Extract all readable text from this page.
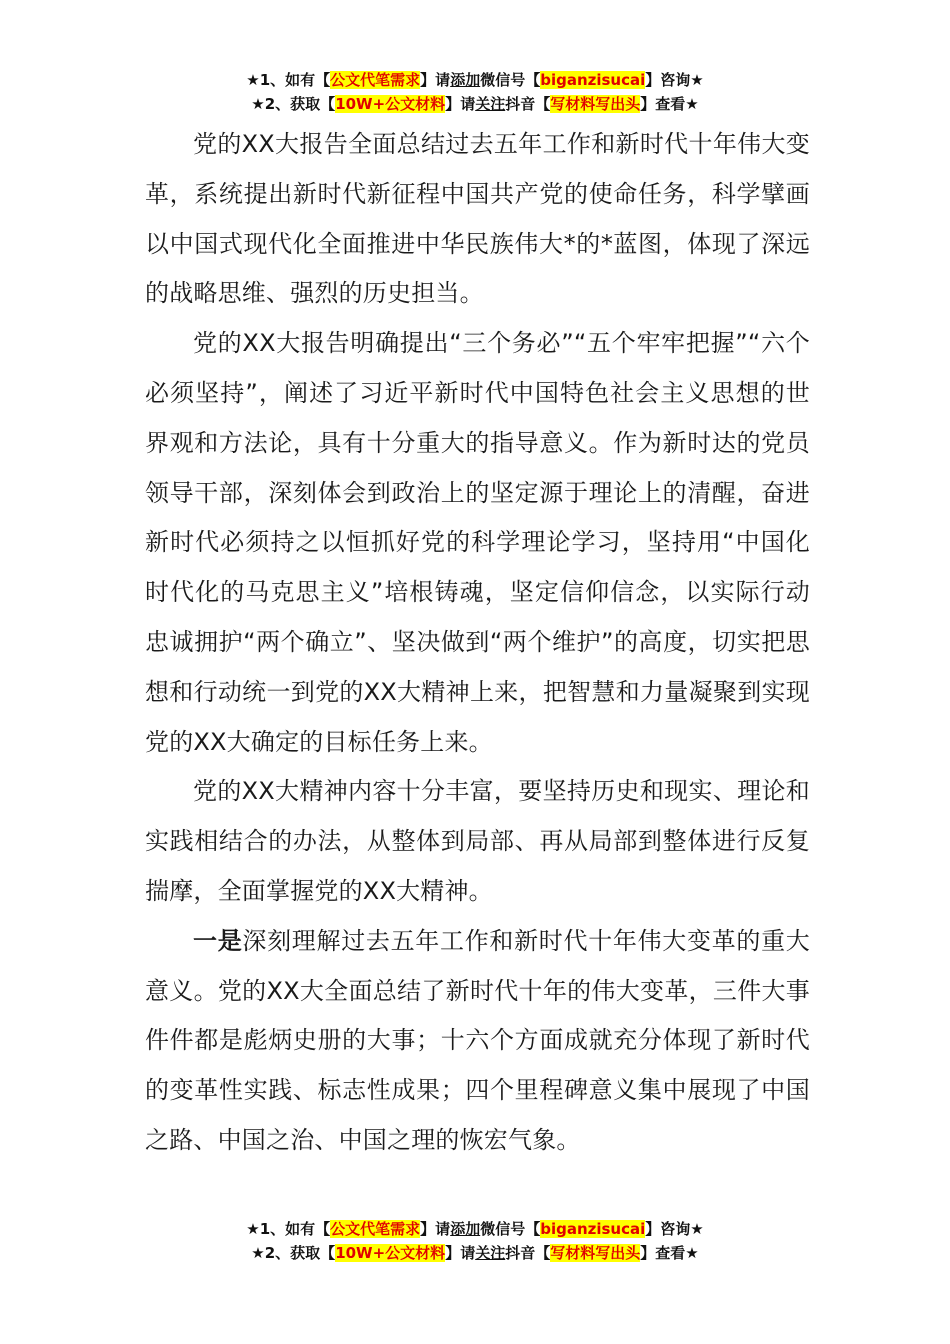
★1、如有【公文代笔需求】请添加微信号【biganzisucai】咨询★
★2、获取【10W+公文材料】请关注抖音【写材料写出头】查看★

党的XX大报告全面总结过去五年工作和新时代十年伟大变革，系统提出新时代新征程中国共产党的使命任务，科学擘画以中国式现代化全面推进中华民族伟大*的*蓝图，体现了深远的战略思维、强烈的历史担当。

党的XX大报告明确提出“三个务必”“五个牢牢把握”“六个必须坚持”，阐述了习近平新时代中国特色社会主义思想的世界观和方法论，具有十分重大的指导意义。作为新时达的党员领导干部，深刻体会到政治上的坚定源于理论上的清醒，奋进新时代必须持之以恒抓好党的科学理论学习，坚持用“中国化时代化的马克思主义”培根铸魂，坚定信仰信念，以实际行动忠诚拥护“两个确立”、坚决做到“两个维护”的高度，切实把思想和行动统一到党的XX大精神上来，把智慧和力量凝聚到实现党的XX大确定的目标任务上来。

党的XX大精神内容十分丰富，要坚持历史和现实、理论和实践相结合的办法，从整体到局部、再从局部到整体进行反复揣摩，全面掌握党的XX大精神。

一是深刻理解过去五年工作和新时代十年伟大变革的重大意义。党的XX大全面总结了新时代十年的伟大变革，三件大事件件都是彪炳史册的大事；十六个方面成就充分体现了新时代的变革性实践、标志性成果；四个里程碑意义集中展现了中国之路、中国之治、中国之理的恢宏气象。

★1、如有【公文代笔需求】请添加微信号【biganzisucai】咨询★
★2、获取【10W+公文材料】请关注抖音【写材料写出头】查看★
